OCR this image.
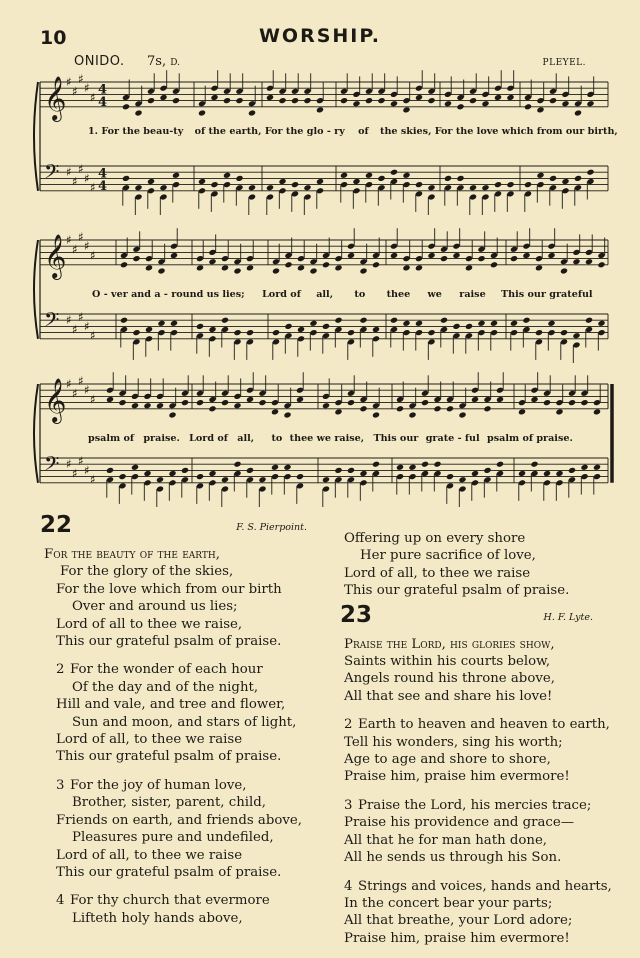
10	WORSHIP.
ONIDO. 7s, D.	PLEYEL.
𝄞
𝄢
♯
♯
♯
♯
♯
♯
♯
♯
♯
♯
4
4
4
4
𝄞
𝄢
♯
♯
♯
♯
♯
♯
♯
♯
♯
♯
𝄞
𝄢
♯
♯
♯
♯
♯
♯
♯
♯
♯
♯
1. For the beau-ty of the earth, For the glo - ry of the skies, For the love which from our birth,
O - ver and a - round us lies; Lord of all, to thee we raise This our grateful
psalm of praise. Lord of all, to thee we raise, This our grate - ful psalm of praise.
22	F. S. Pierpoint.
For the beauty of the earth,
For the glory of the skies,
For the love which from our birth
Over and around us lies;
Lord of all to thee we raise,
This our grateful psalm of praise.
2 For the wonder of each hour
Of the day and of the night,
Hill and vale, and tree and flower,
Sun and moon, and stars of light,
Lord of all, to thee we raise
This our grateful psalm of praise.
3 For the joy of human love,
Brother, sister, parent, child,
Friends on earth, and friends above,
Pleasures pure and undefiled,
Lord of all, to thee we raise
This our grateful psalm of praise.
4 For thy church that evermore
Lifteth holy hands above,
Offering up on every shore
Her pure sacrifice of love,
Lord of all, to thee we raise
This our grateful psalm of praise.
23	H. F. Lyte.
Praise the Lord, his glories show,
Saints within his courts below,
Angels round his throne above,
All that see and share his love!
2 Earth to heaven and heaven to earth,
Tell his wonders, sing his worth;
Age to age and shore to shore,
Praise him, praise him evermore!
3 Praise the Lord, his mercies trace;
Praise his providence and grace—
All that he for man hath done,
All he sends us through his Son.
4 Strings and voices, hands and hearts,
In the concert bear your parts;
All that breathe, your Lord adore;
Praise him, praise him evermore!
